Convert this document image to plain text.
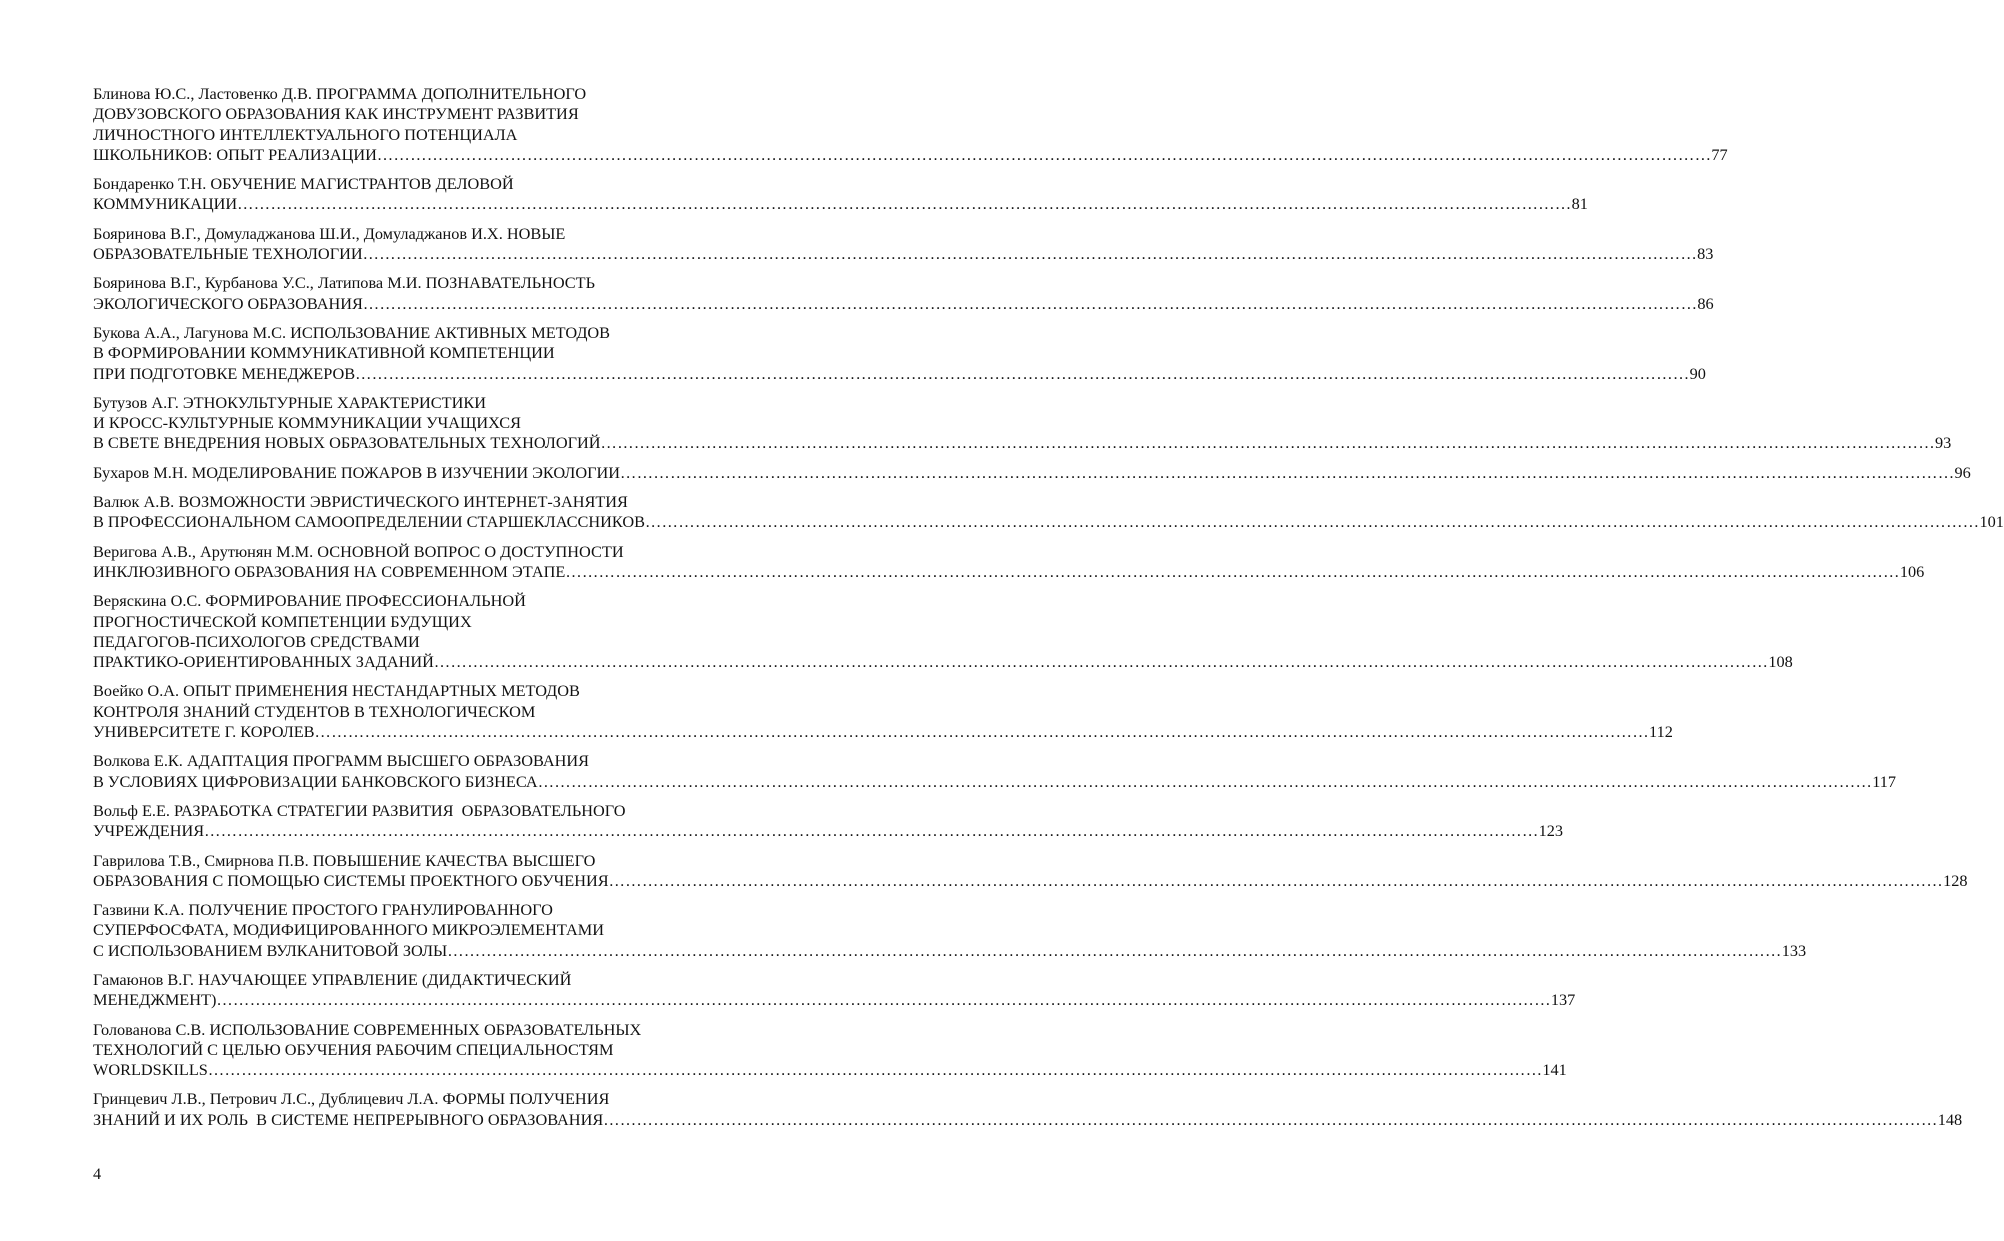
Блинова Ю.С., Ластовенко Д.В. ПРОГРАММА ДОПОЛНИТЕЛЬНОГО
ДОВУЗОВСКОГО ОБРАЗОВАНИЯ КАК ИНСТРУМЕНТ РАЗВИТИЯ
ЛИЧНОСТНОГО ИНТЕЛЛЕКТУАЛЬНОГО ПОТЕНЦИАЛА
ШКОЛЬНИКОВ: ОПЫТ РЕАЛИЗАЦИИ …………………………………………………………………………………………………………………………………………………………………………………………………………………… 77
Бондаренко Т.Н. ОБУЧЕНИЕ МАГИСТРАНТОВ ДЕЛОВОЙ
КОММУНИКАЦИИ …………………………………………………………………………………………………………………………………………………………………………………………………………………… 81
Бояринова В.Г., Домуладжанова Ш.И., Домуладжанов И.Х. НОВЫЕ
ОБРАЗОВАТЕЛЬНЫЕ ТЕХНОЛОГИИ …………………………………………………………………………………………………………………………………………………………………………………………………………………… 83
Бояринова В.Г., Курбанова У.С., Латипова М.И. ПОЗНАВАТЕЛЬНОСТЬ
ЭКОЛОГИЧЕСКОГО ОБРАЗОВАНИЯ …………………………………………………………………………………………………………………………………………………………………………………………………………………… 86
Букова А.А., Лагунова М.С. ИСПОЛЬЗОВАНИЕ АКТИВНЫХ МЕТОДОВ
В ФОРМИРОВАНИИ КОММУНИКАТИВНОЙ КОМПЕТЕНЦИИ
ПРИ ПОДГОТОВКЕ МЕНЕДЖЕРОВ …………………………………………………………………………………………………………………………………………………………………………………………………………………… 90
Бутузов А.Г. ЭТНОКУЛЬТУРНЫЕ ХАРАКТЕРИСТИКИ
И КРОСС-КУЛЬТУРНЫЕ КОММУНИКАЦИИ УЧАЩИХСЯ
В СВЕТЕ ВНЕДРЕНИЯ НОВЫХ ОБРАЗОВАТЕЛЬНЫХ ТЕХНОЛОГИЙ …………………………………………………………………………………………………………………………………………………………………………………………………………………… 93
Бухаров М.Н. МОДЕЛИРОВАНИЕ ПОЖАРОВ В ИЗУЧЕНИИ ЭКОЛОГИИ …………………………………………………………………………………………………………………………………………………………………………………………………………………… 96
Валюк А.В. ВОЗМОЖНОСТИ ЭВРИСТИЧЕСКОГО ИНТЕРНЕТ-ЗАНЯТИЯ
В ПРОФЕССИОНАЛЬНОМ САМООПРЕДЕЛЕНИИ СТАРШЕКЛАССНИКОВ …………………………………………………………………………………………………………………………………………………………………………………………………………………… 101
Веригова А.В., Арутюнян М.М. ОСНОВНОЙ ВОПРОС О ДОСТУПНОСТИ
ИНКЛЮЗИВНОГО ОБРАЗОВАНИЯ НА СОВРЕМЕННОМ ЭТАПЕ …………………………………………………………………………………………………………………………………………………………………………………………………………………… 106
Веряскина О.С. ФОРМИРОВАНИЕ ПРОФЕССИОНАЛЬНОЙ
ПРОГНОСТИЧЕСКОЙ КОМПЕТЕНЦИИ БУДУЩИХ
ПЕДАГОГОВ-ПСИХОЛОГОВ СРЕДСТВАМИ
ПРАКТИКО-ОРИЕНТИРОВАННЫХ ЗАДАНИЙ …………………………………………………………………………………………………………………………………………………………………………………………………………………… 108
Воейко О.А. ОПЫТ ПРИМЕНЕНИЯ НЕСТАНДАРТНЫХ МЕТОДОВ
КОНТРОЛЯ ЗНАНИЙ СТУДЕНТОВ В ТЕХНОЛОГИЧЕСКОМ
УНИВЕРСИТЕТЕ Г. КОРОЛЕВ …………………………………………………………………………………………………………………………………………………………………………………………………………………… 112
Волкова Е.К. АДАПТАЦИЯ ПРОГРАММ ВЫСШЕГО ОБРАЗОВАНИЯ
В УСЛОВИЯХ ЦИФРОВИЗАЦИИ БАНКОВСКОГО БИЗНЕСА …………………………………………………………………………………………………………………………………………………………………………………………………………………… 117
Вольф Е.Е. РАЗРАБОТКА СТРАТЕГИИ РАЗВИТИЯ  ОБРАЗОВАТЕЛЬНОГО
УЧРЕЖДЕНИЯ …………………………………………………………………………………………………………………………………………………………………………………………………………………… 123
Гаврилова Т.В., Смирнова П.В. ПОВЫШЕНИЕ КАЧЕСТВА ВЫСШЕГО
ОБРАЗОВАНИЯ С ПОМОЩЬЮ СИСТЕМЫ ПРОЕКТНОГО ОБУЧЕНИЯ …………………………………………………………………………………………………………………………………………………………………………………………………………………… 128
Газвини К.А. ПОЛУЧЕНИЕ ПРОСТОГО ГРАНУЛИРОВАННОГО
СУПЕРФОСФАТА, МОДИФИЦИРОВАННОГО МИКРОЭЛЕМЕНТАМИ
С ИСПОЛЬЗОВАНИЕМ ВУЛКАНИТОВОЙ ЗОЛЫ …………………………………………………………………………………………………………………………………………………………………………………………………………………… 133
Гамаюнов В.Г. НАУЧАЮЩЕЕ УПРАВЛЕНИЕ (ДИДАКТИЧЕСКИЙ
МЕНЕДЖМЕНТ) …………………………………………………………………………………………………………………………………………………………………………………………………………………… 137
Голованова С.В. ИСПОЛЬЗОВАНИЕ СОВРЕМЕННЫХ ОБРАЗОВАТЕЛЬНЫХ
ТЕХНОЛОГИЙ С ЦЕЛЬЮ ОБУЧЕНИЯ РАБОЧИМ СПЕЦИАЛЬНОСТЯМ
WORLDSKILLS …………………………………………………………………………………………………………………………………………………………………………………………………………………… 141
Гринцевич Л.В., Петрович Л.С., Дублицевич Л.А. ФОРМЫ ПОЛУЧЕНИЯ
ЗНАНИЙ И ИХ РОЛЬ  В СИСТЕМЕ НЕПРЕРЫВНОГО ОБРАЗОВАНИЯ …………………………………………………………………………………………………………………………………………………………………………………………………………………… 148
4
